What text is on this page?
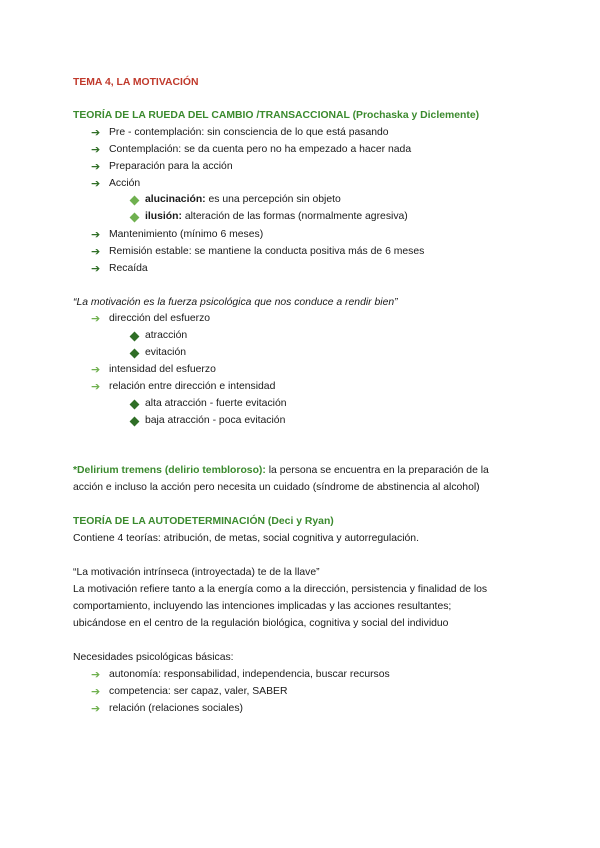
TEMA 4, LA MOTIVACIÓN
TEORÍA DE LA RUEDA DEL CAMBIO /TRANSACCIONAL (Prochaska y Diclemente)
➔ Pre - contemplación: sin consciencia de lo que está pasando
➔ Contemplación: se da cuenta pero no ha empezado a hacer nada
➔ Preparación para la acción
➔ Acción
alucinación: es una percepción sin objeto
ilusión: alteración de las formas (normalmente agresiva)
➔ Mantenimiento (mínimo 6 meses)
➔ Remisión estable: se mantiene la conducta positiva más de 6 meses
➔ Recaída
“La motivación es la fuerza psicológica que nos conduce a rendir bien”
➔ dirección del esfuerzo
atracción
evitación
➔ intensidad del esfuerzo
➔ relación entre dirección e intensidad
alta atracción - fuerte evitación
baja atracción - poca evitación
*Delirium tremens (delirio tembloroso): la persona se encuentra en la preparación de la
acción e incluso la acción pero necesita un cuidado (síndrome de abstinencia al alcohol)
TEORÍA DE LA AUTODETERMINACIÓN (Deci y Ryan)
Contiene 4 teorías: atribución, de metas, social cognitiva y autorregulación.
“La motivación intrínseca (introyectada) te de la llave”
La motivación refiere tanto a la energía como a la dirección, persistencia y finalidad de los
comportamiento, incluyendo las intenciones implicadas y las acciones resultantes;
ubicándose en el centro de la regulación biológica, cognitiva y social del individuo
Necesidades psicológicas básicas:
➔ autonomía: responsabilidad, independencia, buscar recursos
➔ competencia: ser capaz, valer, SABER
➔ relación (relaciones sociales)
